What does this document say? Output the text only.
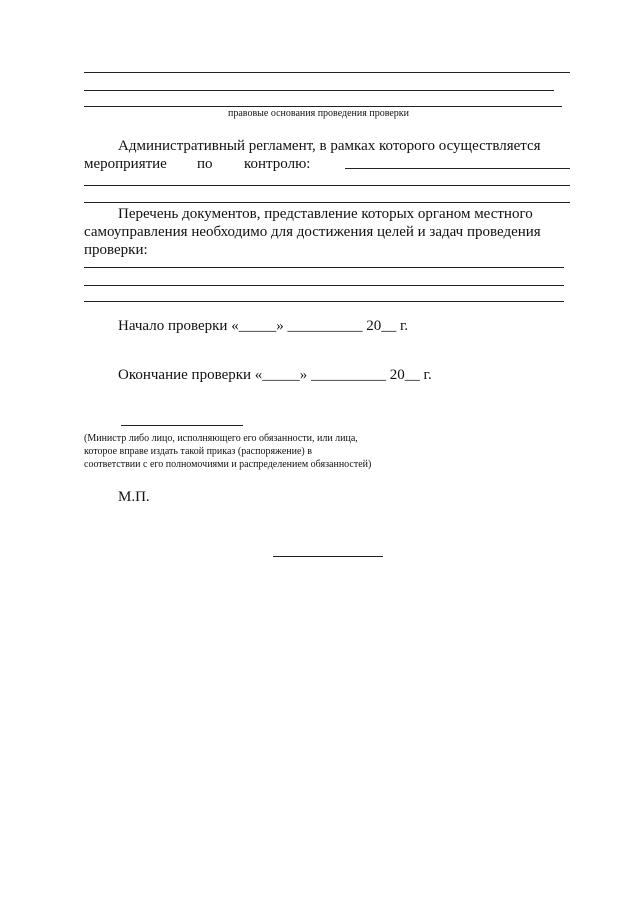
правовые основания проведения проверки
Административный регламент, в рамках которого осуществляется
мероприятие по контролю:
Перечень документов, представление которых органом местного
самоуправления необходимо для достижения целей и задач проведения
проверки:
Начало проверки «_____» __________ 20__ г.
Окончание проверки «_____» __________ 20__ г.
(Министр либо лицо, исполняющего его обязанности, или лица,
которое вправе издать такой приказ (распоряжение) в
соответствии с его полномочиями и распределением обязанностей)
М.П.
